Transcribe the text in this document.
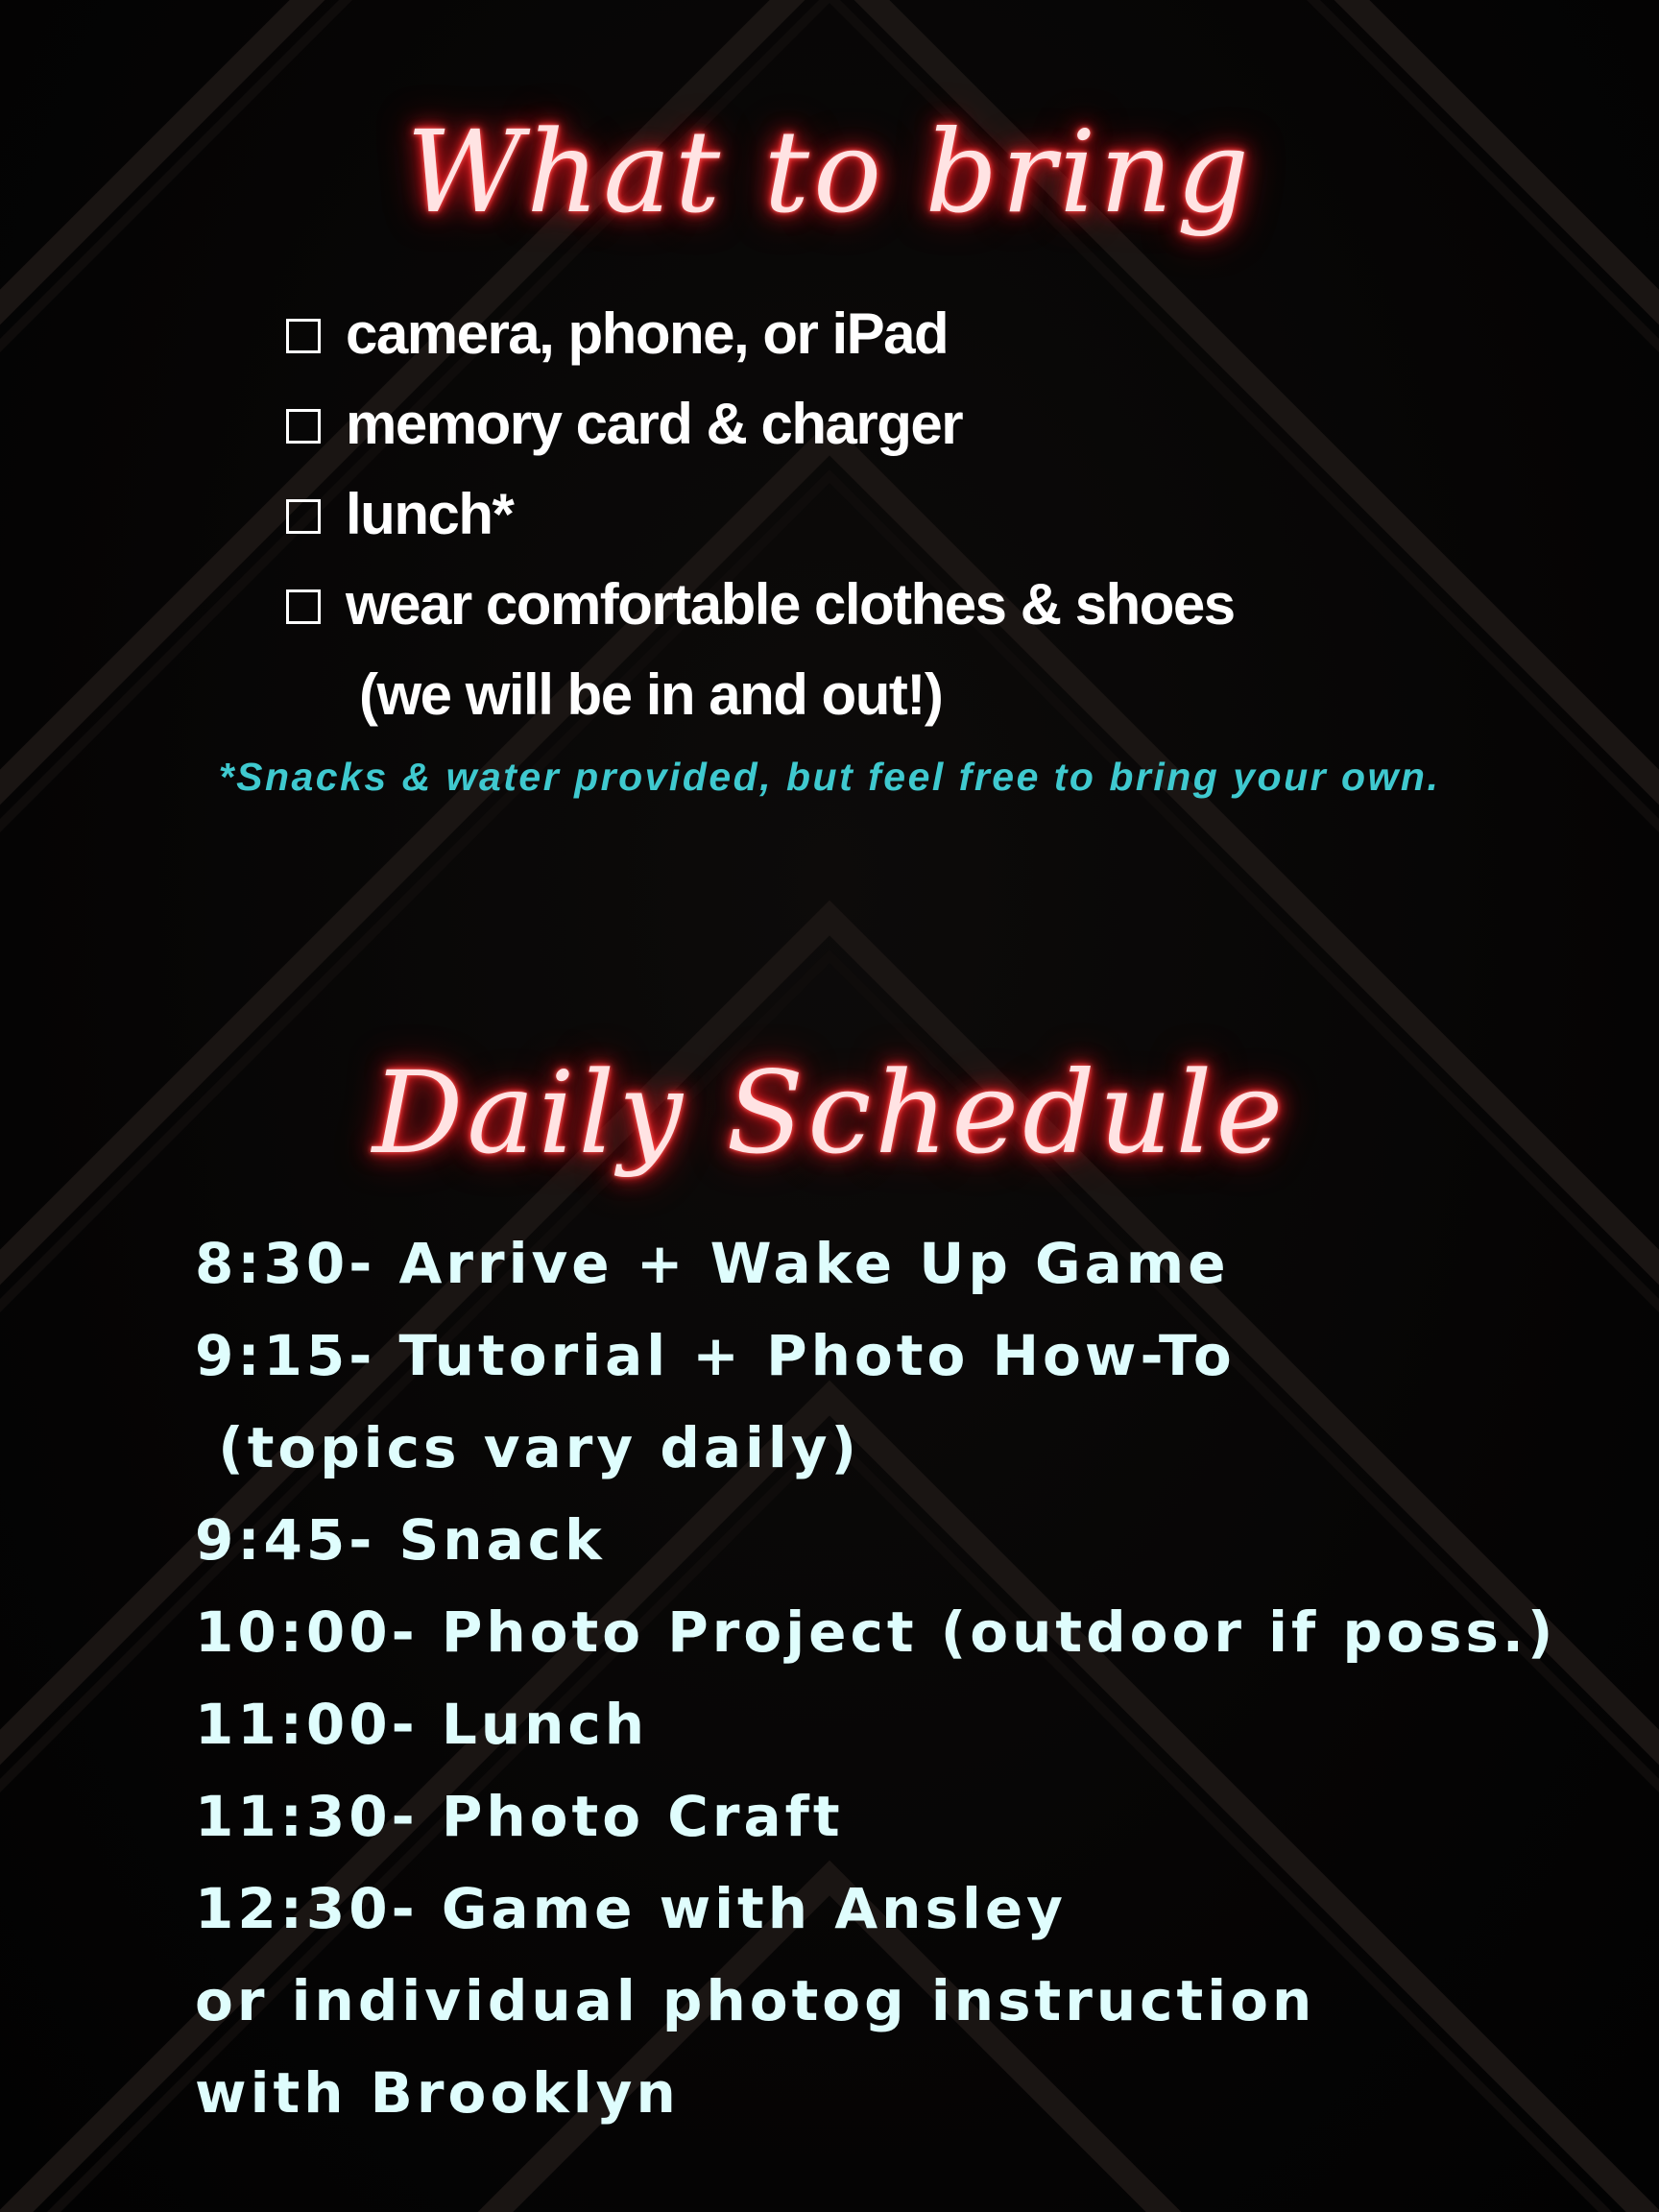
What to bring
camera, phone, or iPad
memory card & charger
lunch*
wear comfortable clothes & shoes
(we will be in and out!)
*Snacks & water provided, but feel free to bring your own.
Daily Schedule
8:30- Arrive + Wake Up Game
9:15- Tutorial + Photo How-To
(topics vary daily)
9:45- Snack
10:00- Photo Project (outdoor if poss.)
11:00- Lunch
11:30- Photo Craft
12:30- Game with Ansley
or individual photog instruction
with Brooklyn
